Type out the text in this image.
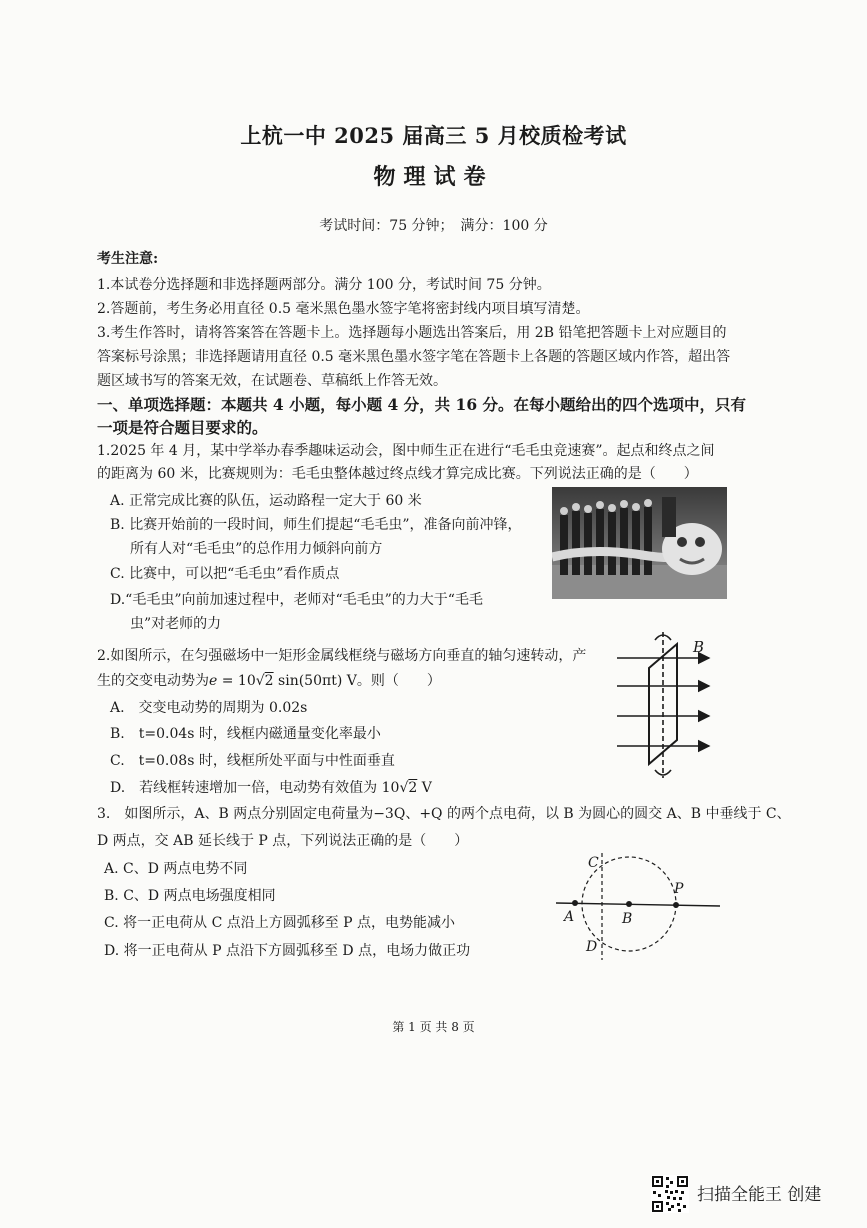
上杭一中 2025 届高三 5 月校质检考试
物理试卷
考试时间：75 分钟；　满分：100 分
考生注意:
1.本试卷分选择题和非选择题两部分。满分 100 分，考试时间 75 分钟。
2.答题前，考生务必用直径 0.5 毫米黑色墨水签字笔将密封线内项目填写清楚。
3.考生作答时，请将答案答在答题卡上。选择题每小题选出答案后，用 2B 铅笔把答题卡上对应题目的
答案标号涂黑；非选择题请用直径 0.5 毫米黑色墨水签字笔在答题卡上各题的答题区域内作答，超出答
题区域书写的答案无效，在试题卷、草稿纸上作答无效。
一、单项选择题：本题共 4 小题，每小题 4 分，共 16 分。在每小题给出的四个选项中，只有
一项是符合题目要求的。
1.2025 年 4 月，某中学举办春季趣味运动会，图中师生正在进行“毛毛虫竞速赛”。起点和终点之间
的距离为 60 米，比赛规则为：毛毛虫整体越过终点线才算完成比赛。下列说法正确的是（　　）
A. 正常完成比赛的队伍，运动路程一定大于 60 米
B. 比赛开始前的一段时间，师生们提起“毛毛虫”，准备向前冲锋，
所有人对“毛毛虫”的总作用力倾斜向前方
C. 比赛中，可以把“毛毛虫”看作质点
D.“毛毛虫”向前加速过程中，老师对“毛毛虫”的力大于“毛毛
虫”对老师的力
2.如图所示，在匀强磁场中一矩形金属线框绕与磁场方向垂直的轴匀速转动，产
生的交变电动势为e = 10√2 sin(50πt) V。则（　　）
A.　交变电动势的周期为 0.02s
B.　t=0.04s 时，线框内磁通量变化率最小
C.　t=0.08s 时，线框所处平面与中性面垂直
D.　若线框转速增加一倍，电动势有效值为 10√2 V
B
3.　如图所示，A、B 两点分别固定电荷量为−3Q、+Q 的两个点电荷，以 B 为圆心的圆交 A、B 中垂线于 C、
D 两点，交 AB 延长线于 P 点，下列说法正确的是（　　）
A. C、D 两点电势不同
B. C、D 两点电场强度相同
C. 将一正电荷从 C 点沿上方圆弧移至 P 点，电势能减小
D. 将一正电荷从 P 点沿下方圆弧移至 D 点，电场力做正功
C
A	B
P
D
第 1 页 共 8 页
扫描全能王 创建
